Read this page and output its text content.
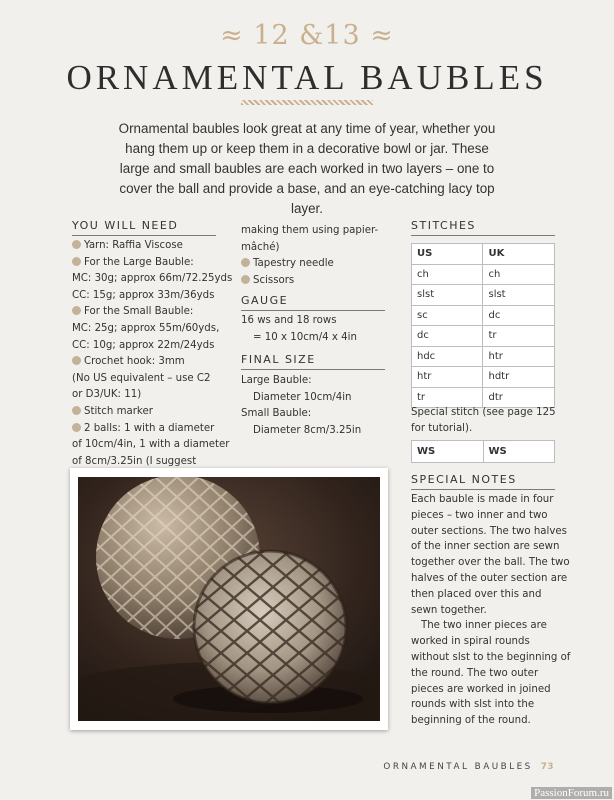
≈ 12 &13 ≈
ORNAMENTAL BAUBLES
Ornamental baubles look great at any time of year, whether you hang them up or keep them in a decorative bowl or jar. These large and small baubles are each worked in two layers – one to cover the ball and provide a base, and an eye-catching lacy top layer.
YOU WILL NEED

Yarn: Raffia Viscose

For the Large Bauble:

MC: 30g; approx 66m/72.25yds

CC: 15g; approx 33m/36yds

For the Small Bauble:

MC: 25g; approx 55m/60yds,

CC: 10g; approx 22m/24yds

Crochet hook: 3mm

(No US equivalent – use C2

or D3/UK: 11)

Stitch marker

2 balls: 1 with a diameter

of 10cm/4in, 1 with a diameter

of 8cm/3.25in (I suggest

making them using papier-

mâché)

Tapestry needle

Scissors

GAUGE

16 ws and 18 rows

= 10 x 10cm/4 x 4in

FINAL SIZE

Large Bauble:

Diameter 10cm/4in

Small Bauble:

Diameter 8cm/3.25in

STITCHES
US	UK
ch	ch
slst	slst
sc	dc
dc	tr
hdc	htr
htr	hdtr
tr	dtr
Special stitch (see page 125 for tutorial).
WS	WS
SPECIAL NOTES

Each bauble is made in four pieces – two inner and two outer sections. The two halves of the inner section are sewn together over the ball. The two halves of the outer section are then placed over this and sewn together.

The two inner pieces are worked in spiral rounds without slst to the beginning of the round. The two outer pieces are worked in joined rounds with slst into the beginning of the round.

ORNAMENTAL BAUBLES 73
PassionForum.ru
